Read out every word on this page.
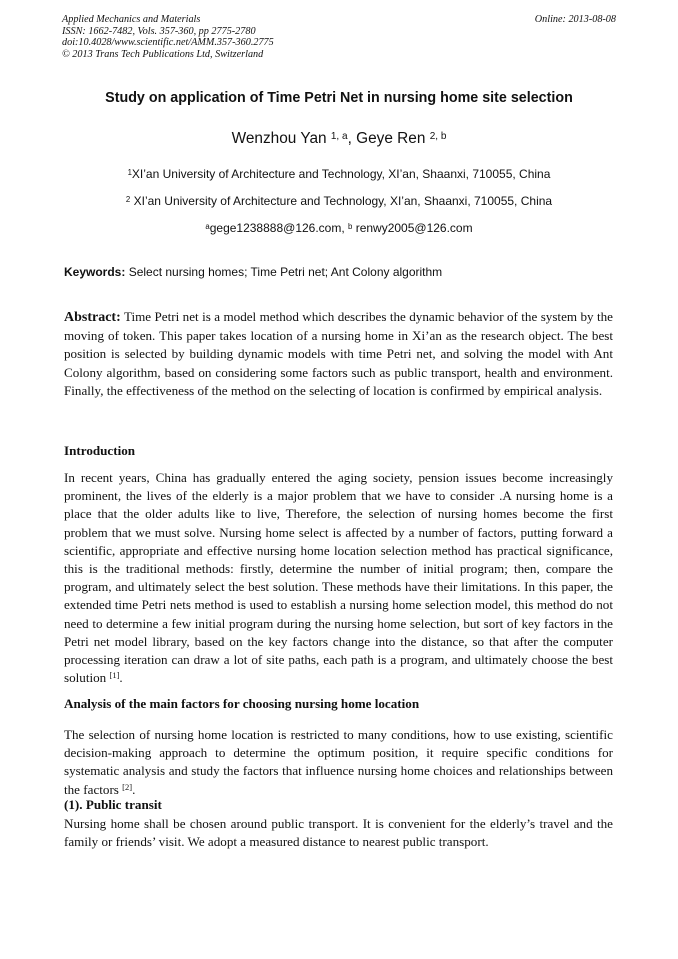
Applied Mechanics and Materials
ISSN: 1662-7482, Vols. 357-360, pp 2775-2780
doi:10.4028/www.scientific.net/AMM.357-360.2775
© 2013 Trans Tech Publications Ltd, Switzerland
Online: 2013-08-08
Study on application of Time Petri Net in nursing home site selection
Wenzhou Yan $^{1, a}$, Geye Ren $^{2, b}$
$^1$XI’an University of Architecture and Technology, XI’an, Shaanxi, 710055, China
$^2$ XI’an University of Architecture and Technology, XI’an, Shaanxi, 710055, China
$^a$gege1238888@126.com, $^b$ renwy2005@126.com
Keywords: Select nursing homes; Time Petri net; Ant Colony algorithm
Abstract: Time Petri net is a model method which describes the dynamic behavior of the system by the moving of token. This paper takes location of a nursing home in Xi’an as the research object. The best position is selected by building dynamic models with time Petri net, and solving the model with Ant Colony algorithm, based on considering some factors such as public transport, health and environment. Finally, the effectiveness of the method on the selecting of location is confirmed by empirical analysis.
Introduction
In recent years, China has gradually entered the aging society, pension issues become increasingly prominent, the lives of the elderly is a major problem that we have to consider .A nursing home is a place that the older adults like to live, Therefore, the selection of nursing homes become the first problem that we must solve. Nursing home select is affected by a number of factors, putting forward a scientific, appropriate and effective nursing home location selection method has practical significance, this is the traditional methods: firstly, determine the number of initial program; then, compare the program, and ultimately select the best solution. These methods have their limitations. In this paper, the extended time Petri nets method is used to establish a nursing home selection model, this method do not need to determine a few initial program during the nursing home selection, but sort of key factors in the Petri net model library, based on the key factors change into the distance, so that after the computer processing iteration can draw a lot of site paths, each path is a program, and ultimately choose the best solution [1].
Analysis of the main factors for choosing nursing home location
The selection of nursing home location is restricted to many conditions, how to use existing, scientific decision-making approach to determine the optimum position, it require specific conditions for systematic analysis and study the factors that influence nursing home choices and relationships between the factors [2].
(1). Public transit
Nursing home shall be chosen around public transport. It is convenient for the elderly’s travel and the family or friends’ visit. We adopt a measured distance to nearest public transport.
